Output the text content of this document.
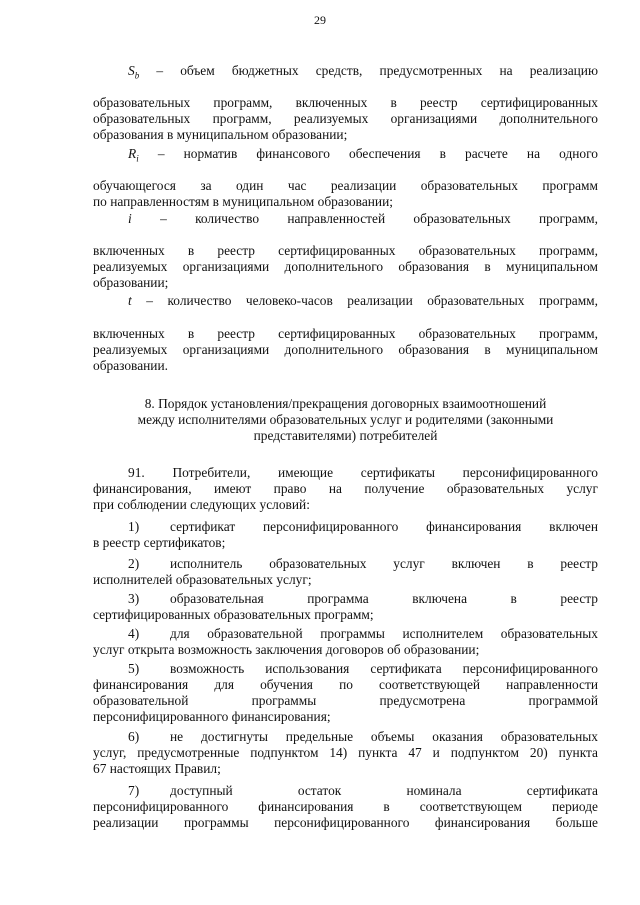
29
$S_b$ – объем бюджетных средств, предусмотренных на реализацию
образовательных программ, включенных в реестр сертифицированных
образовательных программ, реализуемых организациями дополнительного
образования в муниципальном образовании;
$R_i$ – норматив финансового обеспечения в расчете на одного
обучающегося за один час реализации образовательных программ
по направленностям в муниципальном образовании;
i – количество направленностей образовательных программ,
включенных в реестр сертифицированных образовательных программ,
реализуемых организациями дополнительного образования в муниципальном
образовании;
t – количество человеко-часов реализации образовательных программ,
включенных в реестр сертифицированных образовательных программ,
реализуемых организациями дополнительного образования в муниципальном
образовании.
8. Порядок установления/прекращения договорных взаимоотношений
между исполнителями образовательных услуг и родителями (законными
представителями) потребителей
91. Потребители, имеющие сертификаты персонифицированного
финансирования, имеют право на получение образовательных услуг
при соблюдении следующих условий:
1) сертификат персонифицированного финансирования включен
в реестр сертификатов;
2) исполнитель образовательных услуг включен в реестр
исполнителей образовательных услуг;
3) образовательная программа включена в реестр
сертифицированных образовательных программ;
4) для образовательной программы исполнителем образовательных
услуг открыта возможность заключения договоров об образовании;
5) возможность использования сертификата персонифицированного
финансирования для обучения по соответствующей направленности
образовательной программы предусмотрена программой
персонифицированного финансирования;
6) не достигнуты предельные объемы оказания образовательных
услуг, предусмотренные подпунктом 14) пункта 47 и подпунктом 20) пункта
67 настоящих Правил;
7) доступный остаток номинала сертификата
персонифицированного финансирования в соответствующем периоде
реализации программы персонифицированного финансирования больше
